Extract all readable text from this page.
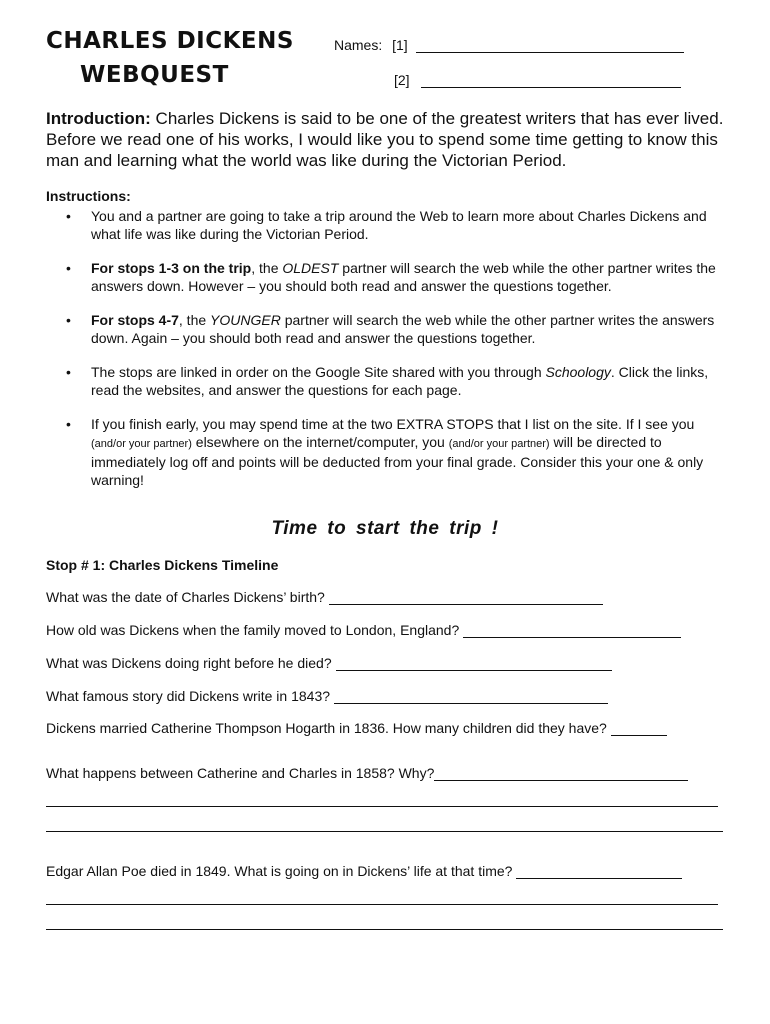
CHARLES DICKENS
WEBQUEST
Names: [1]
[2]
Introduction: Charles Dickens is said to be one of the greatest writers that has ever lived. Before we read one of his works, I would like you to spend some time getting to know this man and learning what the world was like during the Victorian Period.
Instructions:
• You and a partner are going to take a trip around the Web to learn more about Charles Dickens and what life was like during the Victorian Period.
• For stops 1-3 on the trip, the OLDEST partner will search the web while the other partner writes the answers down. However – you should both read and answer the questions together.
• For stops 4-7, the YOUNGER partner will search the web while the other partner writes the answers down. Again – you should both read and answer the questions together.
• The stops are linked in order on the Google Site shared with you through Schoology. Click the links, read the websites, and answer the questions for each page.
• If you finish early, you may spend time at the two EXTRA STOPS that I list on the site. If I see you (and/or your partner) elsewhere on the internet/computer, you (and/or your partner) will be directed to immediately log off and points will be deducted from your final grade. Consider this your one & only warning!
Time to start the trip !
Stop # 1: Charles Dickens Timeline
What was the date of Charles Dickens’ birth?
How old was Dickens when the family moved to London, England?
What was Dickens doing right before he died?
What famous story did Dickens write in 1843?
Dickens married Catherine Thompson Hogarth in 1836. How many children did they have?
What happens between Catherine and Charles in 1858? Why?
Edgar Allan Poe died in 1849. What is going on in Dickens’ life at that time?
